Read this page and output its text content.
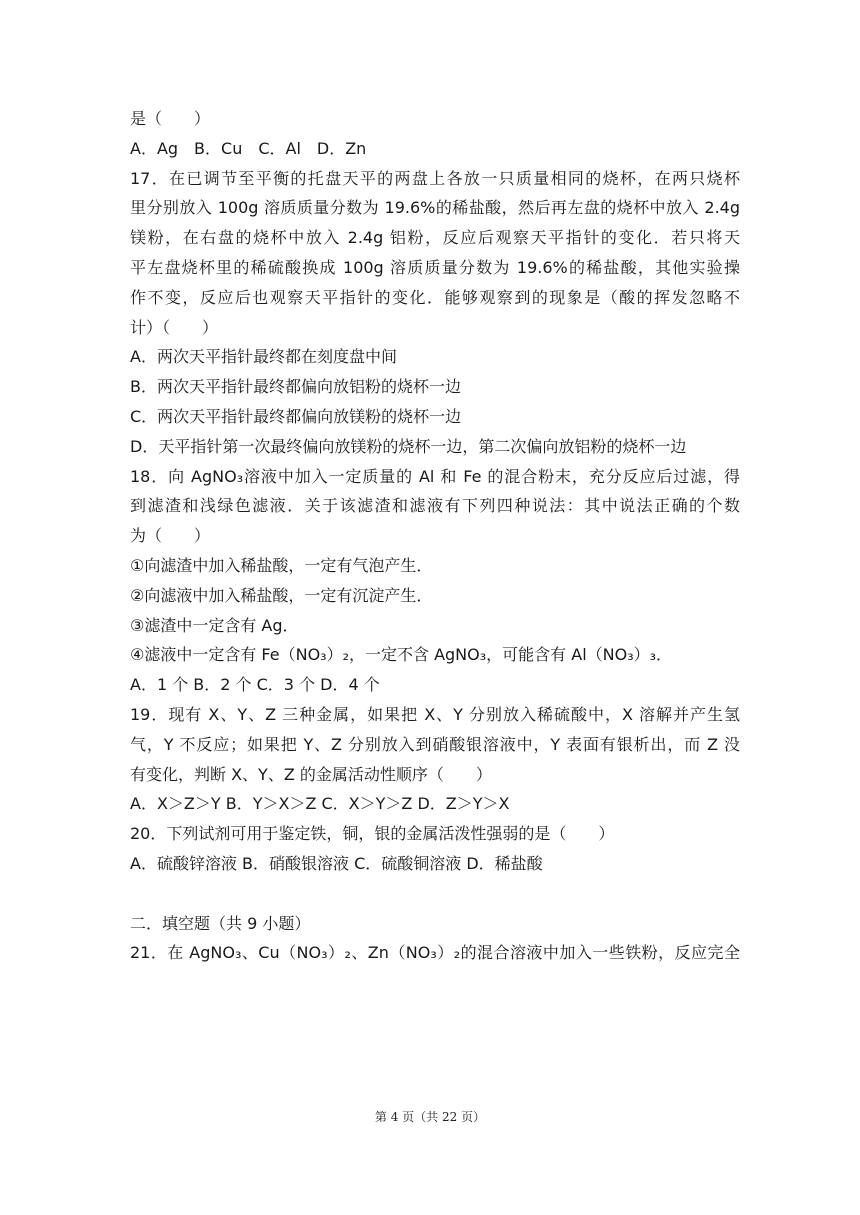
是（　　）
A．Ag　B．Cu　C．Al　D．Zn
17．在已调节至平衡的托盘天平的两盘上各放一只质量相同的烧杯，在两只烧杯
里分别放入 100g 溶质质量分数为 19.6%的稀盐酸，然后再左盘的烧杯中放入 2.4g
镁粉，在右盘的烧杯中放入 2.4g 铝粉，反应后观察天平指针的变化．若只将天
平左盘烧杯里的稀硫酸换成 100g 溶质质量分数为 19.6%的稀盐酸，其他实验操
作不变，反应后也观察天平指针的变化．能够观察到的现象是（酸的挥发忽略不
计）（　　）
A．两次天平指针最终都在刻度盘中间
B．两次天平指针最终都偏向放铝粉的烧杯一边
C．两次天平指针最终都偏向放镁粉的烧杯一边
D．天平指针第一次最终偏向放镁粉的烧杯一边，第二次偏向放铝粉的烧杯一边
18．向 AgNO₃溶液中加入一定质量的 Al 和 Fe 的混合粉末，充分反应后过滤，得
到滤渣和浅绿色滤液．关于该滤渣和滤液有下列四种说法：其中说法正确的个数
为（　　）
①向滤渣中加入稀盐酸，一定有气泡产生．
②向滤液中加入稀盐酸，一定有沉淀产生．
③滤渣中一定含有 Ag．
④滤液中一定含有 Fe（NO₃）₂，一定不含 AgNO₃，可能含有 Al（NO₃）₃．
A．1 个 B．2 个 C．3 个 D．4 个
19．现有 X、Y、Z 三种金属，如果把 X、Y 分别放入稀硫酸中，X 溶解并产生氢
气，Y 不反应；如果把 Y、Z 分别放入到硝酸银溶液中，Y 表面有银析出，而 Z 没
有变化，判断 X、Y、Z 的金属活动性顺序（　　）
A．X＞Z＞Y B．Y＞X＞Z C．X＞Y＞Z D．Z＞Y＞X
20．下列试剂可用于鉴定铁，铜，银的金属活泼性强弱的是（　　）
A．硫酸锌溶液 B．硝酸银溶液 C．硫酸铜溶液 D．稀盐酸
二．填空题（共 9 小题）
21．在 AgNO₃、Cu（NO₃）₂、Zn（NO₃）₂的混合溶液中加入一些铁粉，反应完全
第 4 页（共 22 页）
